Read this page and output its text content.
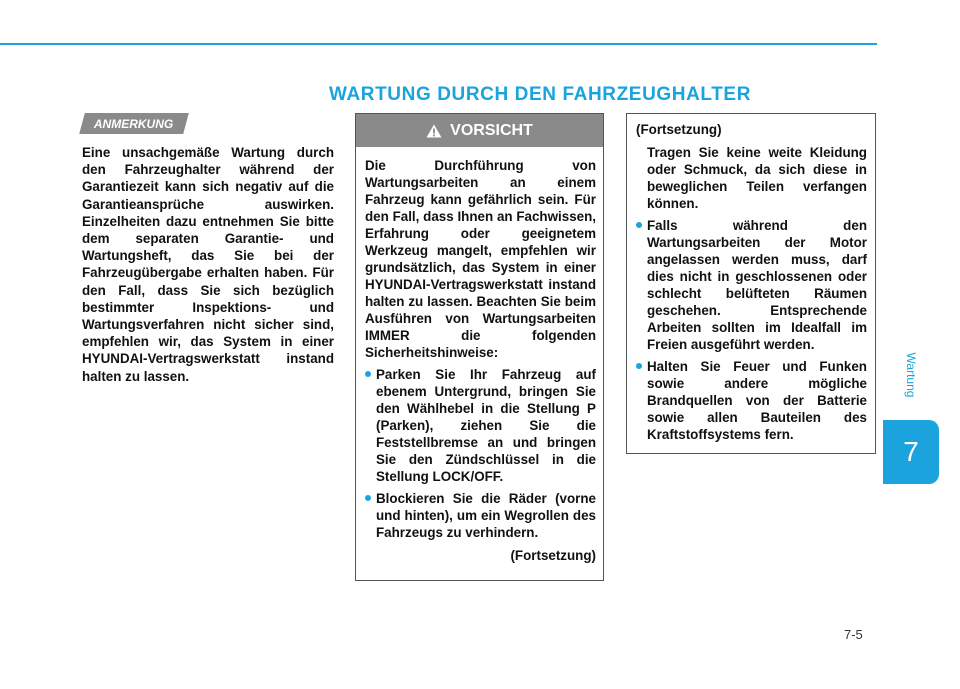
WARTUNG DURCH DEN FAHRZEUGHALTER
Wartung
7
7-5
ANMERKUNG
Eine unsachgemäße Wartung durch den Fahrzeughalter während der Garantiezeit kann sich negativ auf die Garantieansprüche auswirken. Einzelheiten dazu entnehmen Sie bitte dem separaten Garantie- und Wartungsheft, das Sie bei der Fahrzeugübergabe erhalten haben. Für den Fall, dass Sie sich bezüglich bestimmter Inspektions- und Wartungsverfahren nicht sicher sind, empfehlen wir, das System in einer HYUNDAI-Vertragswerkstatt instand halten zu lassen.
VORSICHT
Die Durchführung von Wartungsarbeiten an einem Fahrzeug kann gefährlich sein. Für den Fall, dass Ihnen an Fachwissen, Erfahrung oder geeignetem Werkzeug mangelt, empfehlen wir grundsätzlich, das System in einer HYUNDAI-Vertragswerkstatt instand halten zu lassen. Beachten Sie beim Ausführen von Wartungsarbeiten IMMER die folgenden Sicherheitshinweise:
Parken Sie Ihr Fahrzeug auf ebenem Untergrund, bringen Sie den Wählhebel in die Stellung P (Parken), ziehen Sie die Feststellbremse an und bringen Sie den Zündschlüssel in die Stellung LOCK/OFF.
Blockieren Sie die Räder (vorne und hinten), um ein Wegrollen des Fahrzeugs zu verhindern.
(Fortsetzung)
(Fortsetzung)
Tragen Sie keine weite Kleidung oder Schmuck, da sich diese in beweglichen Teilen verfangen können.
Falls während den Wartungsarbeiten der Motor angelassen werden muss, darf dies nicht in geschlossenen oder schlecht belüfteten Räumen geschehen. Entsprechende Arbeiten sollten im Idealfall im Freien ausgeführt werden.
Halten Sie Feuer und Funken sowie andere mögliche Brandquellen von der Batterie sowie allen Bauteilen des Kraftstoffsystems fern.
